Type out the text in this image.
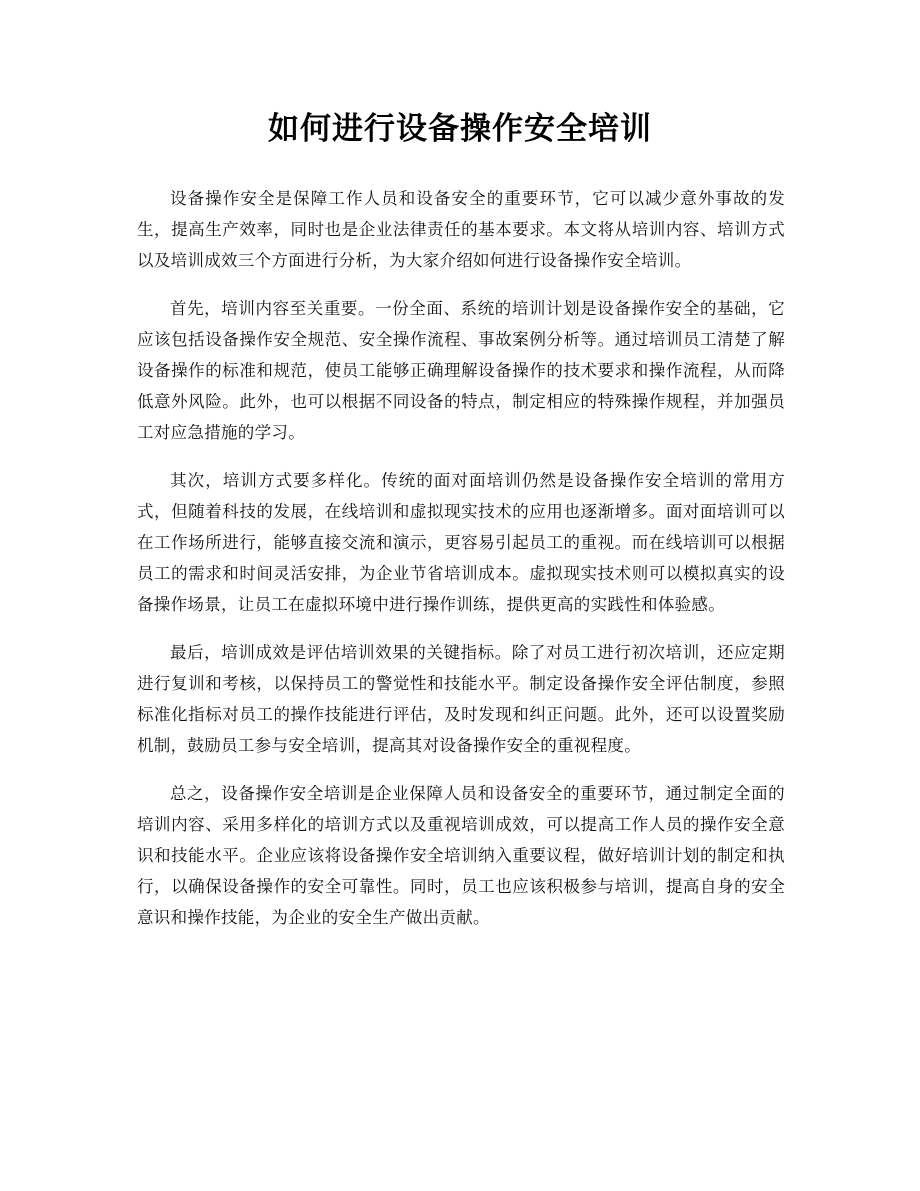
如何进行设备操作安全培训

设备操作安全是保障工作人员和设备安全的重要环节，它可以减少意外事故的发生，提高生产效率，同时也是企业法律责任的基本要求。本文将从培训内容、培训方式以及培训成效三个方面进行分析，为大家介绍如何进行设备操作安全培训。

首先，培训内容至关重要。一份全面、系统的培训计划是设备操作安全的基础，它应该包括设备操作安全规范、安全操作流程、事故案例分析等。通过培训员工清楚了解设备操作的标准和规范，使员工能够正确理解设备操作的技术要求和操作流程，从而降低意外风险。此外，也可以根据不同设备的特点，制定相应的特殊操作规程，并加强员工对应急措施的学习。

其次，培训方式要多样化。传统的面对面培训仍然是设备操作安全培训的常用方式，但随着科技的发展，在线培训和虚拟现实技术的应用也逐渐增多。面对面培训可以在工作场所进行，能够直接交流和演示，更容易引起员工的重视。而在线培训可以根据员工的需求和时间灵活安排，为企业节省培训成本。虚拟现实技术则可以模拟真实的设备操作场景，让员工在虚拟环境中进行操作训练，提供更高的实践性和体验感。

最后，培训成效是评估培训效果的关键指标。除了对员工进行初次培训，还应定期进行复训和考核，以保持员工的警觉性和技能水平。制定设备操作安全评估制度，参照标准化指标对员工的操作技能进行评估，及时发现和纠正问题。此外，还可以设置奖励机制，鼓励员工参与安全培训，提高其对设备操作安全的重视程度。

总之，设备操作安全培训是企业保障人员和设备安全的重要环节，通过制定全面的培训内容、采用多样化的培训方式以及重视培训成效，可以提高工作人员的操作安全意识和技能水平。企业应该将设备操作安全培训纳入重要议程，做好培训计划的制定和执行，以确保设备操作的安全可靠性。同时，员工也应该积极参与培训，提高自身的安全意识和操作技能，为企业的安全生产做出贡献。
